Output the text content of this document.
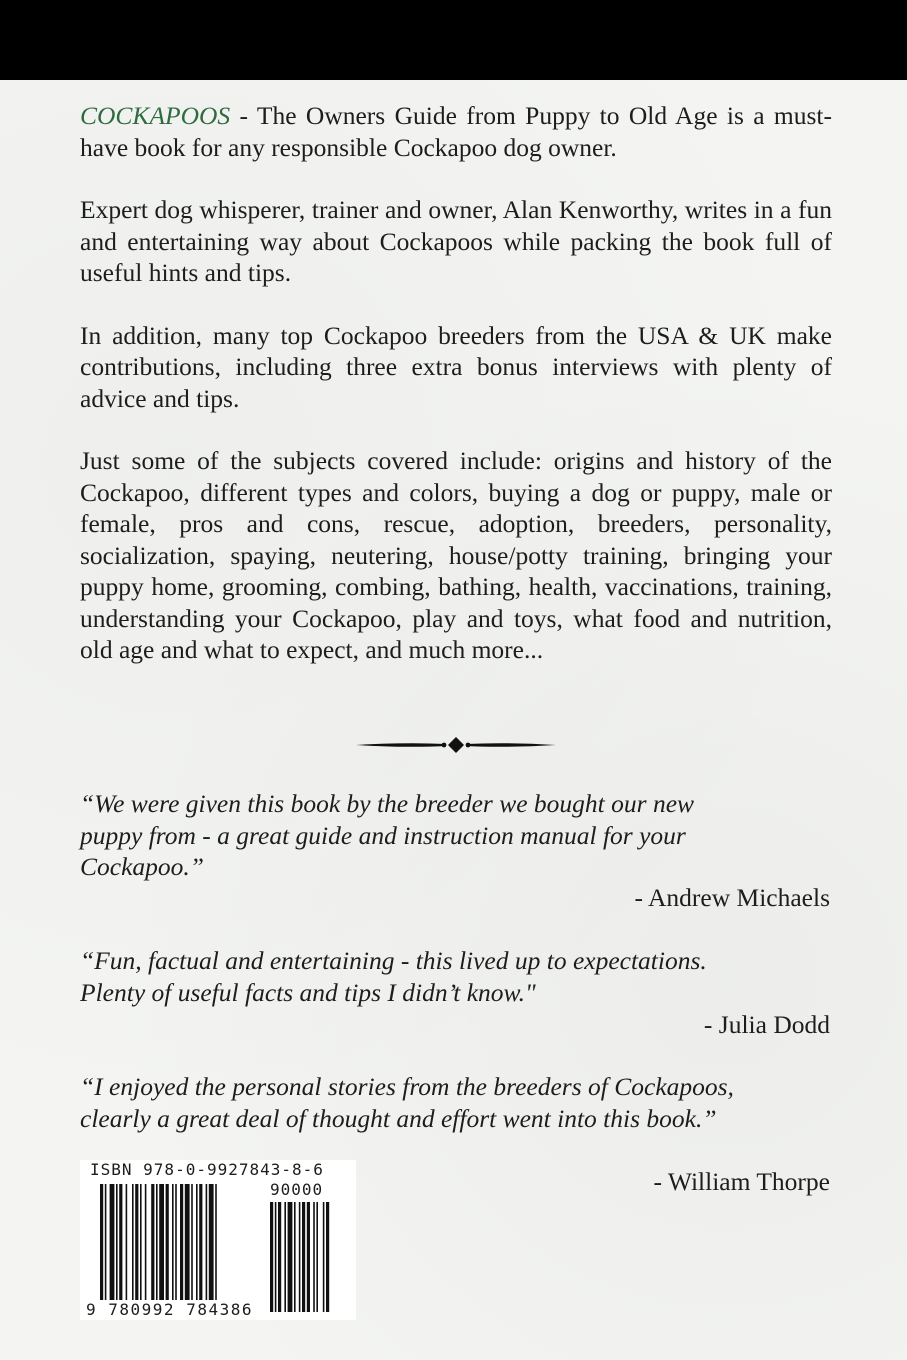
COCKAPOOS - The Owners Guide from Puppy to Old Age is a must-have book for any responsible Cockapoo dog owner.

Expert dog whisperer, trainer and owner, Alan Kenworthy, writes in a fun and entertaining way about Cockapoos while packing the book full of useful hints and tips.

In addition, many top Cockapoo breeders from the USA & UK make contributions, including three extra bonus interviews with plenty of advice and tips.

Just some of the subjects covered include: origins and history of the Cockapoo, different types and colors, buying a dog or puppy, male or female, pros and cons, rescue, adoption, breeders, personality, socialization, spaying, neutering, house/potty training, bringing your puppy home, grooming, combing, bathing, health, vaccinations, training, understanding your Cockapoo, play and toys, what food and nutrition, old age and what to expect, and much more...

“We were given this book by the breeder we bought our new
puppy from - a great guide and instruction manual for your
Cockapoo.”
- Andrew Michaels
“Fun, factual and entertaining - this lived up to expectations.
Plenty of useful facts and tips I didn’t know."
- Julia Dodd
“I enjoyed the personal stories from the breeders of Cockapoos,
clearly a great deal of thought and effort went into this book.”
- William Thorpe
ISBN 978-0-9927843-8-6
90000
9 780992 784386
